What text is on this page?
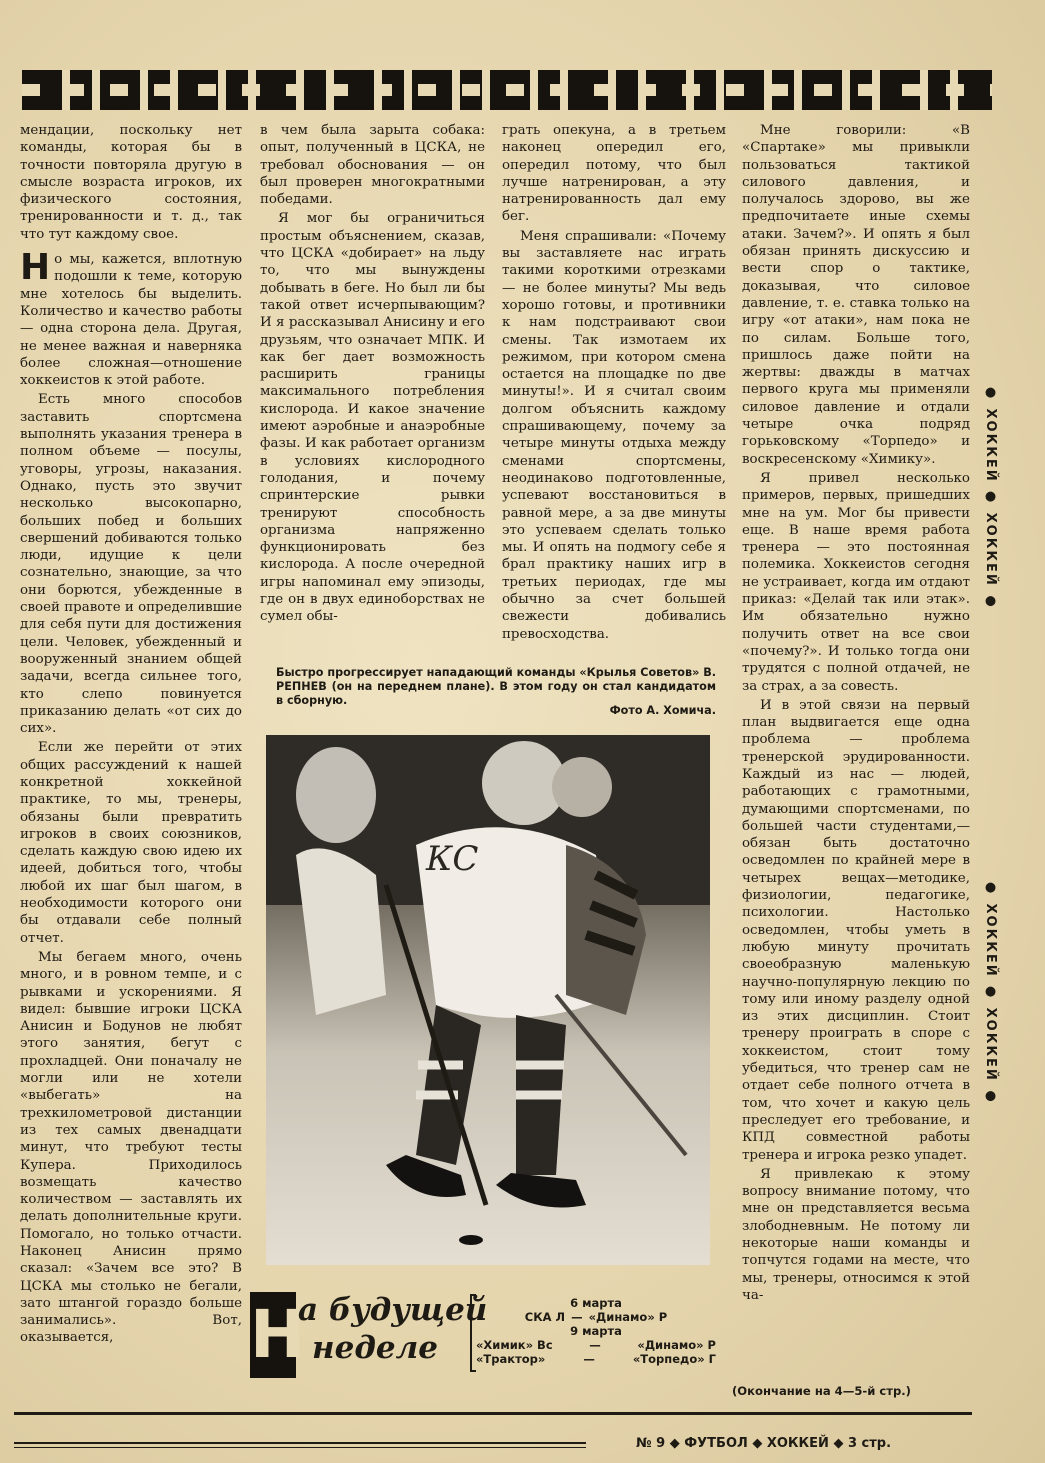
мендации, поскольку нет команды, которая бы в точности повторяла другую в смысле возраста игроков, их физического состояния, тренированности и т. д., так что тут каждому свое.

Но мы, кажется, вплотную подошли к теме, которую мне хотелось бы выделить. Количество и качество работы — одна сторона дела. Другая, не менее важная и наверняка более сложная—отношение хоккеистов к этой работе.

Есть много способов заставить спортсмена выполнять указания тренера в полном объеме — посулы, уговоры, угрозы, наказания. Однако, пусть это звучит несколько высокопарно, больших побед и больших свершений добиваются только люди, идущие к цели сознательно, знающие, за что они борются, убежденные в своей правоте и определившие для себя пути для достижения цели. Человек, убежденный и вооруженный знанием общей задачи, всегда сильнее того, кто слепо повинуется приказанию делать «от сих до сих».

Если же перейти от этих общих рассуждений к нашей конкретной хоккейной практике, то мы, тренеры, обязаны были превратить игроков в своих союзников, сделать каждую свою идею их идеей, добиться того, чтобы любой их шаг был шагом, в необходимости которого они бы отдавали себе полный отчет.

Мы бегаем много, очень много, и в ровном темпе, и с рывками и ускорениями. Я видел: бывшие игроки ЦСКА Анисин и Бодунов не любят этого занятия, бегут с прохладцей. Они поначалу не могли или не хотели «выбегать» на трехкилометровой дистанции из тех самых двенадцати минут, что требуют тесты Купера. Приходилось возмещать качество количеством — заставлять их делать дополнительные круги. Помогало, но только отчасти. Наконец Анисин прямо сказал: «Зачем все это? В ЦСКА мы столько не бегали, зато штангой гораздо больше занимались». Вот, оказывается,

в чем была зарыта собака: опыт, полученный в ЦСКА, не требовал обоснования — он был проверен многократными победами.

Я мог бы ограничиться простым объяснением, сказав, что ЦСКА «добирает» на льду то, что мы вынуждены добывать в беге. Но был ли бы такой ответ исчерпывающим? И я рассказывал Анисину и его друзьям, что означает МПК. И как бег дает возможность расширить границы максимального потребления кислорода. И какое значение имеют аэробные и анаэробные фазы. И как работает организм в условиях кислородного голодания, и почему спринтерские рывки тренируют способность организма напряженно функционировать без кислорода. А после очередной игры напоминал ему эпизоды, где он в двух единоборствах не сумел обы-

грать опекуна, а в третьем наконец опередил его, опередил потому, что был лучше натренирован, а эту натренированность дал ему бег.

Меня спрашивали: «Почему вы заставляете нас играть такими короткими отрезками — не более минуты? Мы ведь хорошо готовы, и противники к нам подстраивают свои смены. Так измотаем их режимом, при котором смена остается на площадке по две минуты!». И я считал своим долгом объяснить каждому спрашивающему, почему за четыре минуты отдыха между сменами спортсмены, неодинаково подготовленные, успевают восстановиться в равной мере, а за две минуты это успеваем сделать только мы. И опять на подмогу себе я брал практику наших игр в третьих периодах, где мы обычно за счет большей свежести добивались превосходства.

Мне говорили: «В «Спартаке» мы привыкли пользоваться тактикой силового давления, и получалось здорово, вы же предпочитаете иные схемы атаки. Зачем?». И опять я был обязан принять дискуссию и вести спор о тактике, доказывая, что силовое давление, т. е. ставка только на игру «от атаки», нам пока не по силам. Больше того, пришлось даже пойти на жертвы: дважды в матчах первого круга мы применяли силовое давление и отдали четыре очка подряд горьковскому «Торпедо» и воскресенскому «Химику».

Я привел несколько примеров, первых, пришедших мне на ум. Мог бы привести еще. В наше время работа тренера — это постоянная полемика. Хоккеистов сегодня не устраивает, когда им отдают приказ: «Делай так или этак». Им обязательно нужно получить ответ на все свои «почему?». И только тогда они трудятся с полной отдачей, не за страх, а за совесть.

И в этой связи на первый план выдвигается еще одна проблема — проблема тренерской эрудированности. Каждый из нас — людей, работающих с грамотными, думающими спортсменами, по большей части студентами,—обязан быть достаточно осведомлен по крайней мере в четырех вещах—методике, физиологии, педагогике, психологии. Настолько осведомлен, чтобы уметь в любую минуту прочитать своеобразную маленькую научно-популярную лекцию по тому или иному разделу одной из этих дисциплин. Стоит тренеру проиграть в споре с хоккеистом, стоит тому убедиться, что тренер сам не отдает себе полного отчета в том, что хочет и какую цель преследует его требование, и КПД совместной работы тренера и игрока резко упадет.

Я привлекаю к этому вопросу внимание потому, что мне он представляется весьма злободневным. Не потому ли некоторые наши команды и топчутся годами на месте, что мы, тренеры, относимся к этой ча-

(Окончание на 4—5-й стр.)
Быстро прогрессирует нападающий команды «Крылья Советов» В. РЕПНЕВ (он на переднем плане). В этом году он стал кандидатом в сборную.
Фото А. Хомича.
КС
● ХОККЕЙ ● ХОККЕЙ ●
● ХОККЕЙ ● ХОККЕЙ ●
Н
а будущей
неделе
6 марта
СКА Л — «Динамо» Р
9 марта
«Химик» Вс	—	«Динамо» Р
«Трактор»	—	«Торпедо» Г
№ 9 ◆ ФУТБОЛ ◆ ХОККЕЙ ◆ 3 стр.
